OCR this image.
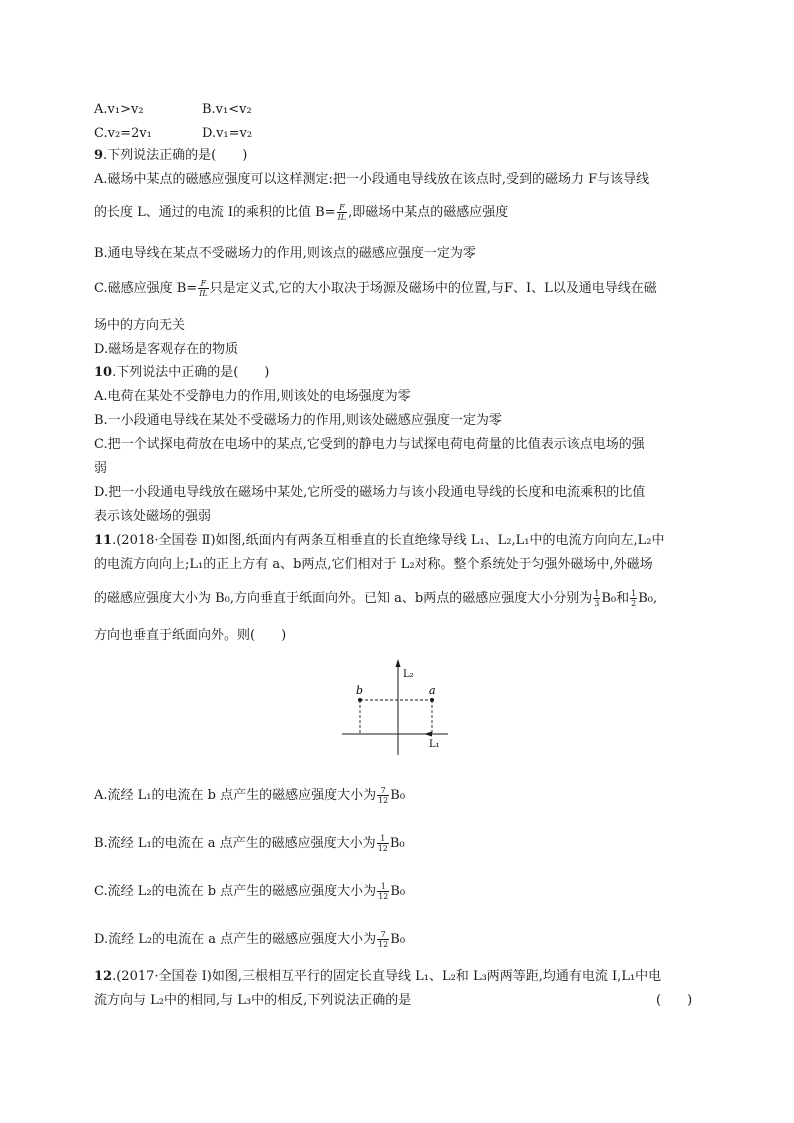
A.v₁>v₂	B.v₁<v₂
C.v₂=2v₁	D.v₁=v₂
9.下列说法正确的是(　　)
A.磁场中某点的磁感应强度可以这样测定:把一小段通电导线放在该点时,受到的磁场力 F与该导线
的长度 L、通过的电流 I的乘积的比值 $B= \frac{F}{IL}$ ,即磁场中某点的磁感应强度
B.通电导线在某点不受磁场力的作用,则该点的磁感应强度一定为零
C.磁感应强度 $B= \frac{F}{IL}$ 只是定义式,它的大小取决于场源及磁场中的位置,与F、I、L以及通电导线在磁
场中的方向无关
D.磁场是客观存在的物质
10.下列说法中正确的是(　　)
A.电荷在某处不受静电力的作用,则该处的电场强度为零
B.一小段通电导线在某处不受磁场力的作用,则该处磁感应强度一定为零
C.把一个试探电荷放在电场中的某点,它受到的静电力与试探电荷电荷量的比值表示该点电场的强
弱
D.把一小段通电导线放在磁场中某处,它所受的磁场力与该小段通电导线的长度和电流乘积的比值
表示该处磁场的强弱
11.(2018·全国卷 Ⅱ)如图,纸面内有两条互相垂直的长直绝缘导线 L₁、L₂,L₁中的电流方向向左,L₂中
的电流方向向上;L₁的正上方有 a、b两点,它们相对于 L₂对称。整个系统处于匀强外磁场中,外磁场
的磁感应强度大小为 B₀,方向垂直于纸面向外。已知 a、b两点的磁感应强度大小分别为 $\frac{1}{3} B_0$和 $\frac{1}{2} B_0$,
方向也垂直于纸面向外。则(　　)
L₂
L₁
b	a
A.流经 L₁的电流在 b 点产生的磁感应强度大小为 $\frac{7}{12} B_0$
B.流经 L₁的电流在 a 点产生的磁感应强度大小为 $\frac{1}{12} B_0$
C.流经 L₂的电流在 b 点产生的磁感应强度大小为 $\frac{1}{12} B_0$
D.流经 L₂的电流在 a 点产生的磁感应强度大小为 $\frac{7}{12} B_0$
12.(2017·全国卷 Ⅰ)如图,三根相互平行的固定长直导线 L₁、L₂和 L₃两两等距,均通有电流 I,L₁中电
流方向与 L₂中的相同,与 L₃中的相反,下列说法正确的是	(　　)
